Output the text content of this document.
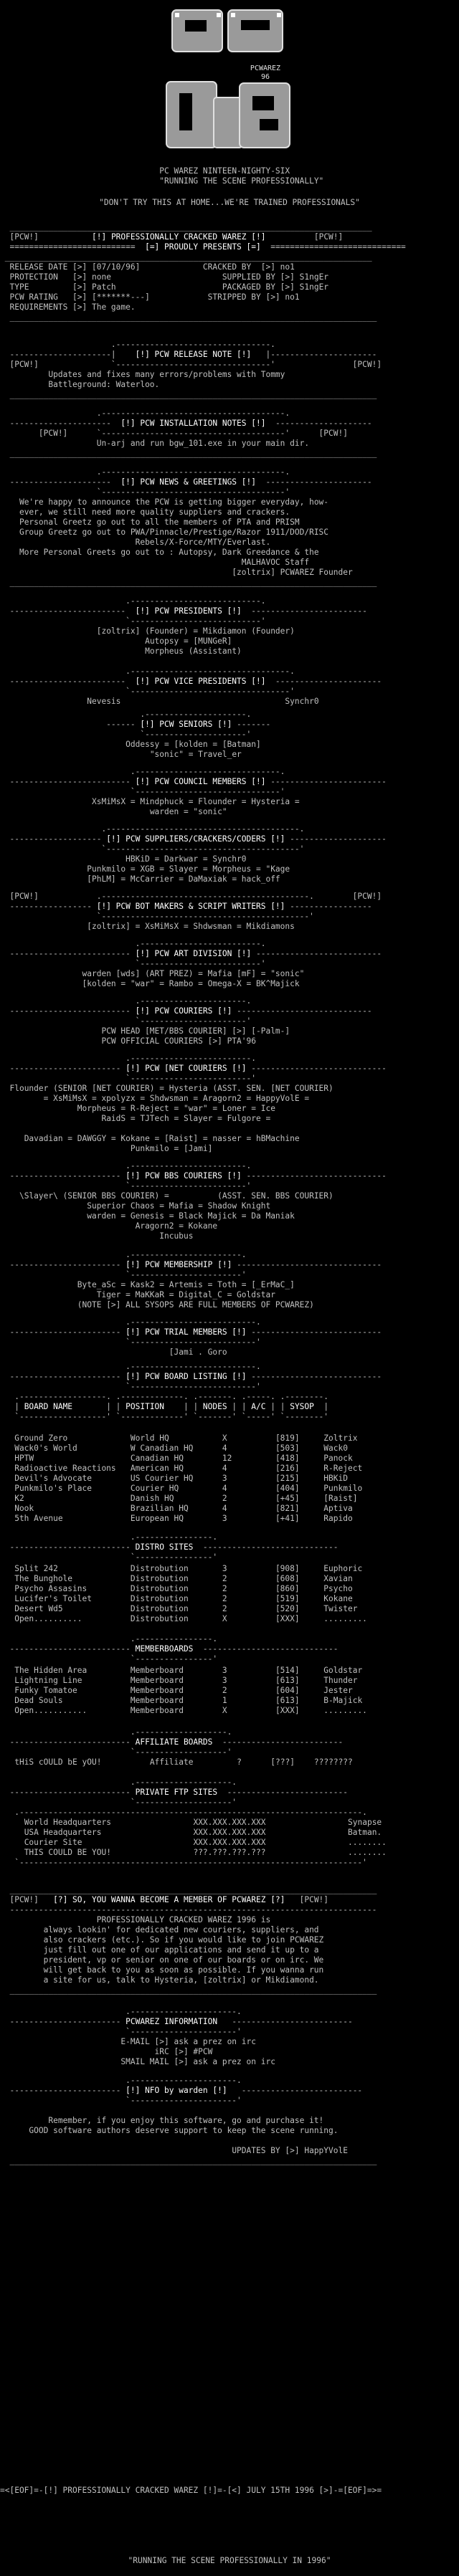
PCWAREZ
96
PC WAREZ NINTEEN-NIGHTY-SIX
"RUNNING THE SCENE PROFESSIONALLY"
"DON'T TRY THIS AT HOME...WE'RE TRAINED PROFESSIONALS"
___________________________________________________________________________
[PCW!]	[!] PROFESSIONALLY CRACKED WAREZ [!]	[PCW!]
==========================  [=] PROUDLY PRESENTS [=]  ============================
____________________________________________________________________________
RELEASE DATE [>] [07/10/96]	CRACKED BY  [>] no1
PROTECTION   [>] none	SUPPLIED BY [>] S1ngEr
TYPE         [>] Patch	PACKAGED BY [>] S1ngEr
PCW RATING   [>] [*******---]	STRIPPED BY [>] no1
REQUIREMENTS [>] The game.
____________________________________________________________________________
.--------------------------------.
---------------------|    [!] PCW RELEASE NOTE [!]   |----------------------
[PCW!]               `--------------------------------'                [PCW!]
Updates and fixes many errors/problems with Tommy
Battleground: Waterloo.
____________________________________________________________________________
.--------------------------------------.
---------------------  [!] PCW INSTALLATION NOTES [!]  --------------------
[PCW!]      `--------------------------------------'      [PCW!]
Un-arj and run bgw_101.exe in your main dir.
____________________________________________________________________________
.--------------------------------------.
---------------------  [!] PCW NEWS & GREETINGS [!]  ----------------------
`--------------------------------------'
We're happy to announce the PCW is getting bigger everyday, how-
ever, we still need more quality suppliers and crackers.
Personal Greetz go out to all the members of PTA and PRISM
Group Greetz go out to PWA/Pinnacle/Prestige/Razor 1911/DOD/RISC
Rebels/X-Force/MTY/Everlast.
More Personal Greets go out to : Autopsy, Dark Greedance & the
MALHAVOC Staff
[zoltrix] PCWAREZ Founder
____________________________________________________________________________
.---------------------------.
------------------------  [!] PCW PRESIDENTS [!]  ------------------------
`---------------------------'
[zoltrix] (Founder) = Mikdiamon (Founder)
Autopsy = [MUNGeR]
Morpheus (Assistant)
.---------------------------------.
------------------------  [!] PCW VICE PRESIDENTS [!]  ----------------------
`---------------------------------'
Nevesis	Synchr0
.---------------------.
------ [!] PCW SENIORS [!] -------
`---------------------'
Oddessy = [kolden = [Batman]
"sonic" = Travel_er
.------------------------------.
------------------------- [!] PCW COUNCIL MEMBERS [!] ------------------------
`------------------------------'
XsMiMsX = Mindphuck = Flounder = Hysteria =
warden = "sonic"
.----------------------------------------.
------------------- [!] PCW SUPPLIERS/CRACKERS/CODERS [!] --------------------
`----------------------------------------'
HBKiD = Darkwar = Synchr0
Punkmilo = XGB = Slayer = Morpheus = "Kage
[PhLM] = McCarrier = DaMaxiak = hack_off
[PCW!]            .-------------------------------------------.        [PCW!]
----------------- [!] PCW BOT MAKERS & SCRIPT WRITERS [!] -----------------
`-------------------------------------------'
[zoltrix] = XsMiMsX = Shdwsman = Mikdiamons
.-------------------------.
------------------------- [!] PCW ART DIVISION [!] --------------------------
`-------------------------'
warden [wds] (ART PREZ) = Mafia [mF] = "sonic"
[kolden = "war" = Rambo = Omega-X = BK^Majick
.----------------------.
------------------------- [!] PCW COURIERS [!] ----------------------------
`----------------------'
PCW HEAD [MET/BBS COURIER] [>] [-Palm-]
PCW OFFICIAL COURIERS [>] PTA'96
.-------------------------.
----------------------- [!] PCW [NET COURIERS [!] ----------------------------
`-------------------------'
Flounder (SENIOR [NET COURIER) = Hysteria (ASST. SEN. [NET COURIER)
= XsMiMsX = xpolyzx = Shdwsman = Aragorn2 = HappyVolE =
Morpheus = R-Reject = "war" = Loner = Ice
RaidS = TJTech = Slayer = Fulgore =

Davadian = DAWGGY = Kokane = [Raist] = nasser = hBMachine
Punkmilo = [Jami]
.------------------------.
----------------------- [!] PCW BBS COURIERS [!] -----------------------------
`------------------------'
\Slayer\ (SENIOR BBS COURIER) =          (ASST. SEN. BBS COURIER)
Superior Chaos = Mafia = Shadow Knight
warden = Genesis = Black Majick = Da Maniak
Aragorn2 = Kokane
Incubus
.-----------------------.
----------------------- [!] PCW MEMBERSHIP [!] ------------------------------
`-----------------------'
Byte_aSc = Kask2 = Artemis = Toth = [_ErMaC_]
Tiger = MaKKaR = Digital_C = Goldstar
(NOTE [>] ALL SYSOPS ARE FULL MEMBERS OF PCWAREZ)
.--------------------------.
----------------------- [!] PCW TRIAL MEMBERS [!] ---------------------------
`--------------------------'
[Jami . Goro
.--------------------------.
----------------------- [!] PCW BOARD LISTING [!] ---------------------------
`--------------------------'
.------------------. .-------------. .-------. .-----. .--------.
| BOARD NAME       | | POSITION    | | NODES | | A/C | | SYSOP  |
`------------------' `-------------' `-------' `-----' `--------'
Ground Zero             World HQ           X          [819]     Zoltrix
Wack0's World           W Canadian HQ      4          [503]     Wack0
HPTW                    Canadian HQ        12         [418]     Panock
Radioactive Reactions   American HQ        4          [216]     R-Reject
Devil's Advocate        US Courier HQ      3          [215]     HBKiD
Punkmilo's Place        Courier HQ         4          [404]     Punkmilo
K2                      Danish HQ          2          [+45]     [Raist]
Nook                    Brazilian HQ       4          [821]     Aptiva
5th Avenue              European HQ        3          [+41]     Rapido
.----------------.
------------------------- DISTRO SITES  ----------------------------
`----------------'
Split 242               Distrobution       3          [908]     Euphoric
The Bunghole            Distrobution       2          [608]     Xavian
Psycho Assasins         Distrobution       2          [860]     Psycho
Lucifer's Toilet        Distrobution       2          [519]     Kokane
Desert Wd5              Distrobution       2          [520]     Twister
Open..........          Distrobution       X          [XXX]     .........
.----------------.
------------------------- MEMBERBOARDS  ----------------------------
`----------------'
The Hidden Area         Memberboard        3          [514]     Goldstar
Lightning Line          Memberboard        3          [613]     Thunder
Funky Tomatoe           Memberboard        2          [604]     Jester
Dead Souls              Memberboard        1          [613]     B-Majick
Open...........         Memberboard        X          [XXX]     .........
.-------------------.
------------------------- AFFILIATE BOARDS  -------------------------
`-------------------'
tHiS cOULD bE yOU!	Affiliate	?	[???] ????????
.--------------------.
------------------------- PRIVATE FTP SITES  -------------------------
`--------------------'
.-----------------------------------------------------------------------.
World Headquarters	XXX.XXX.XXX.XXX	Synapse
USA Headquarters	XXX.XXX.XXX.XXX	Batman.
Courier Site	XXX.XXX.XXX.XXX	........
THIS COULD BE YOU!	???.???.???.???	........
`-----------------------------------------------------------------------'
____________________________________________________________________________
[PCW!]   [?] SO, YOU WANNA BECOME A MEMBER OF PCWAREZ [?]   [PCW!]
----------------------------------------------------------------------------
PROFESSIONALLY CRACKED WAREZ 1996 is
always lookin' for dedicated new couriers, suppliers, and
also crackers (etc.). So if you would like to join PCWAREZ
just fill out one of our applications and send it up to a
president, vp or senior on one of our boards or on irc. We
will get back to you as soon as possible. If you wanna run
a site for us, talk to Hysteria, [zoltrix] or Mikdiamond.
____________________________________________________________________________
.----------------------.
----------------------- PCWAREZ INFORMATION   -------------------------
`----------------------'
E-MAIL [>] ask a prez on irc
iRC [>] #PCW
SMAIL MAIL [>] ask a prez on irc
.----------------------.
----------------------- [!] NFO by warden [!]   -------------------------
`----------------------'

Remember, if you enjoy this software, go and purchase it!
GOOD software authors deserve support to keep the scene running.

UPDATES BY [>] HappYVolE
____________________________________________________________________________

=<[EOF]=-[!] PROFESSIONALLY CRACKED WAREZ [!]=-[<] JULY 15TH 1996 [>]-=[EOF]=>=

"RUNNING THE SCENE PROFESSIONALLY IN 1996"
